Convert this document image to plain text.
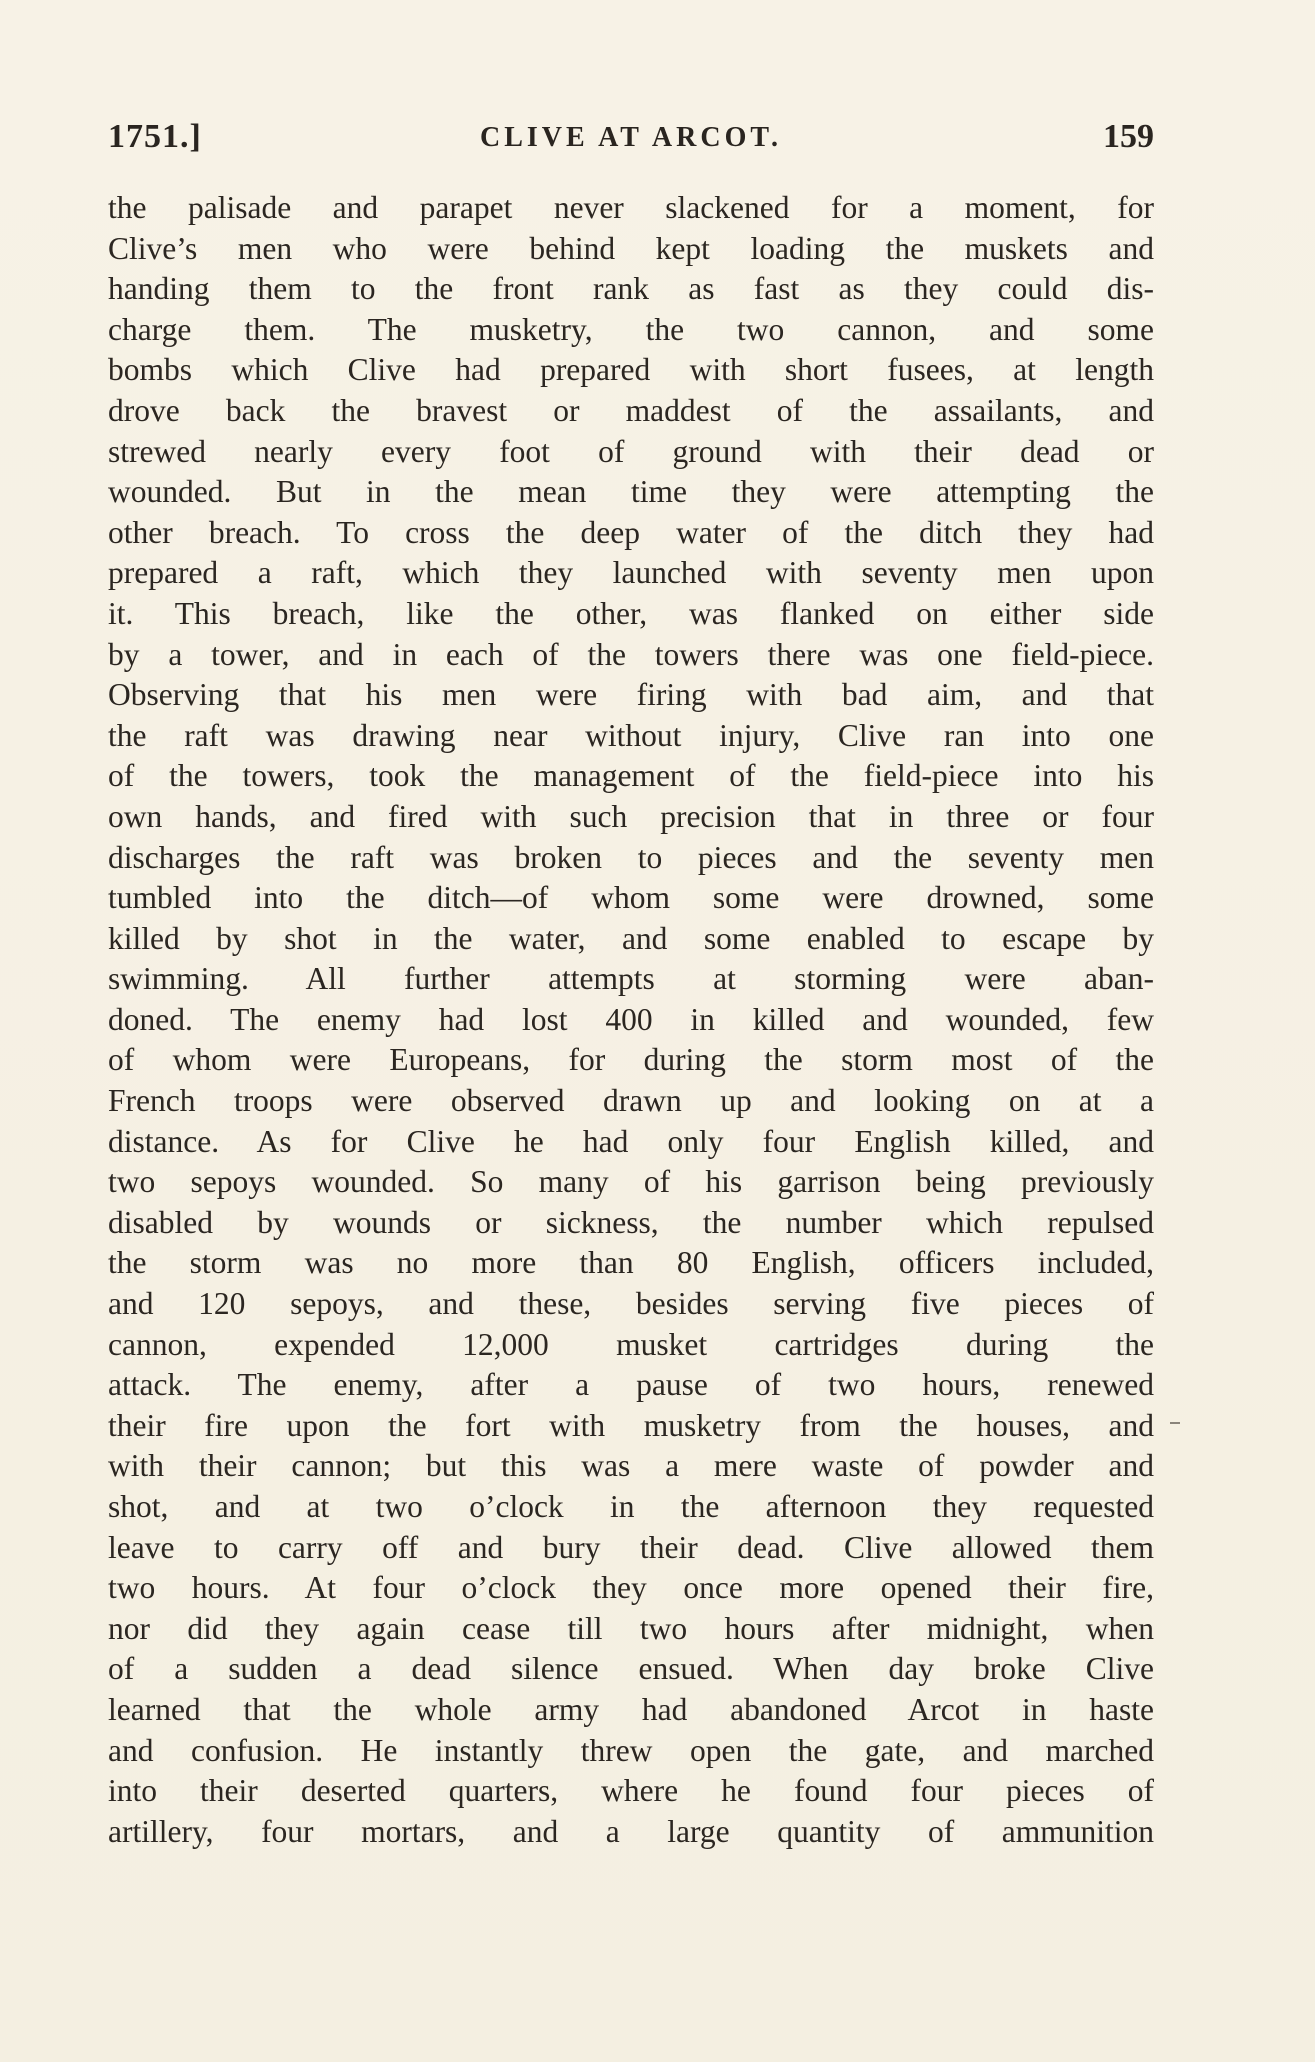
1751.]	CLIVE AT ARCOT.	159
the palisade and parapet never slackened for a moment, for
Clive’s men who were behind kept loading the muskets and
handing them to the front rank as fast as they could dis-
charge them. The musketry, the two cannon, and some
bombs which Clive had prepared with short fusees, at length
drove back the bravest or maddest of the assailants, and
strewed nearly every foot of ground with their dead or
wounded. But in the mean time they were attempting the
other breach. To cross the deep water of the ditch they had
prepared a raft, which they launched with seventy men upon
it. This breach, like the other, was flanked on either side
by a tower, and in each of the towers there was one field-piece.
Observing that his men were firing with bad aim, and that
the raft was drawing near without injury, Clive ran into one
of the towers, took the management of the field-piece into his
own hands, and fired with such precision that in three or four
discharges the raft was broken to pieces and the seventy men
tumbled into the ditch—of whom some were drowned, some
killed by shot in the water, and some enabled to escape by
swimming. All further attempts at storming were aban-
doned. The enemy had lost 400 in killed and wounded, few
of whom were Europeans, for during the storm most of the
French troops were observed drawn up and looking on at a
distance. As for Clive he had only four English killed, and
two sepoys wounded. So many of his garrison being previously
disabled by wounds or sickness, the number which repulsed
the storm was no more than 80 English, officers included,
and 120 sepoys, and these, besides serving five pieces of
cannon, expended 12,000 musket cartridges during the
attack. The enemy, after a pause of two hours, renewed
their fire upon the fort with musketry from the houses, and
with their cannon; but this was a mere waste of powder and
shot, and at two o’clock in the afternoon they requested
leave to carry off and bury their dead. Clive allowed them
two hours. At four o’clock they once more opened their fire,
nor did they again cease till two hours after midnight, when
of a sudden a dead silence ensued. When day broke Clive
learned that the whole army had abandoned Arcot in haste
and confusion. He instantly threw open the gate, and marched
into their deserted quarters, where he found four pieces of
artillery, four mortars, and a large quantity of ammunition
